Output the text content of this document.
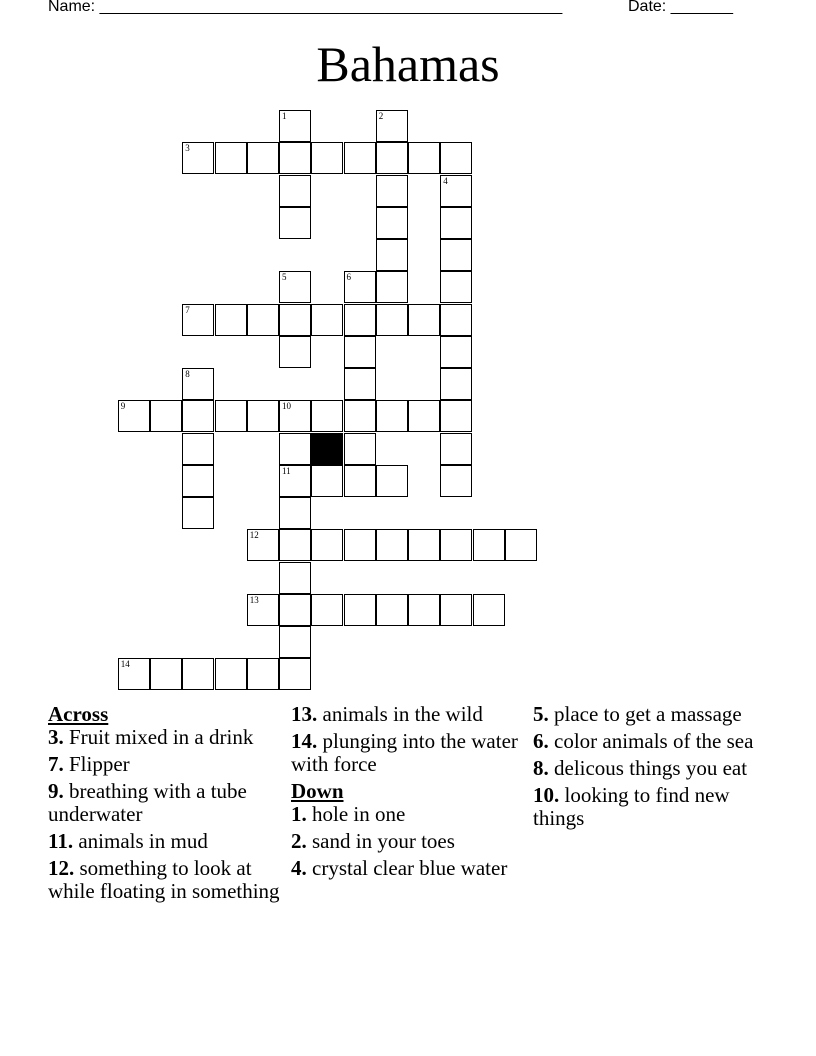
Name: ____________________________________________________	Date: _______
Bahamas
1	2
3
4
5	6
7
8
9	10
11
12
13
14
Across

3. Fruit mixed in a drink

7. Flipper

9. breathing with a tube underwater

11. animals in mud

12. something to look at while floating in something

13. animals in the wild

14. plunging into the water with force

Down

1. hole in one

2. sand in your toes

4. crystal clear blue water

5. place to get a massage

6. color animals of the sea

8. delicous things you eat

10. looking to find new things
